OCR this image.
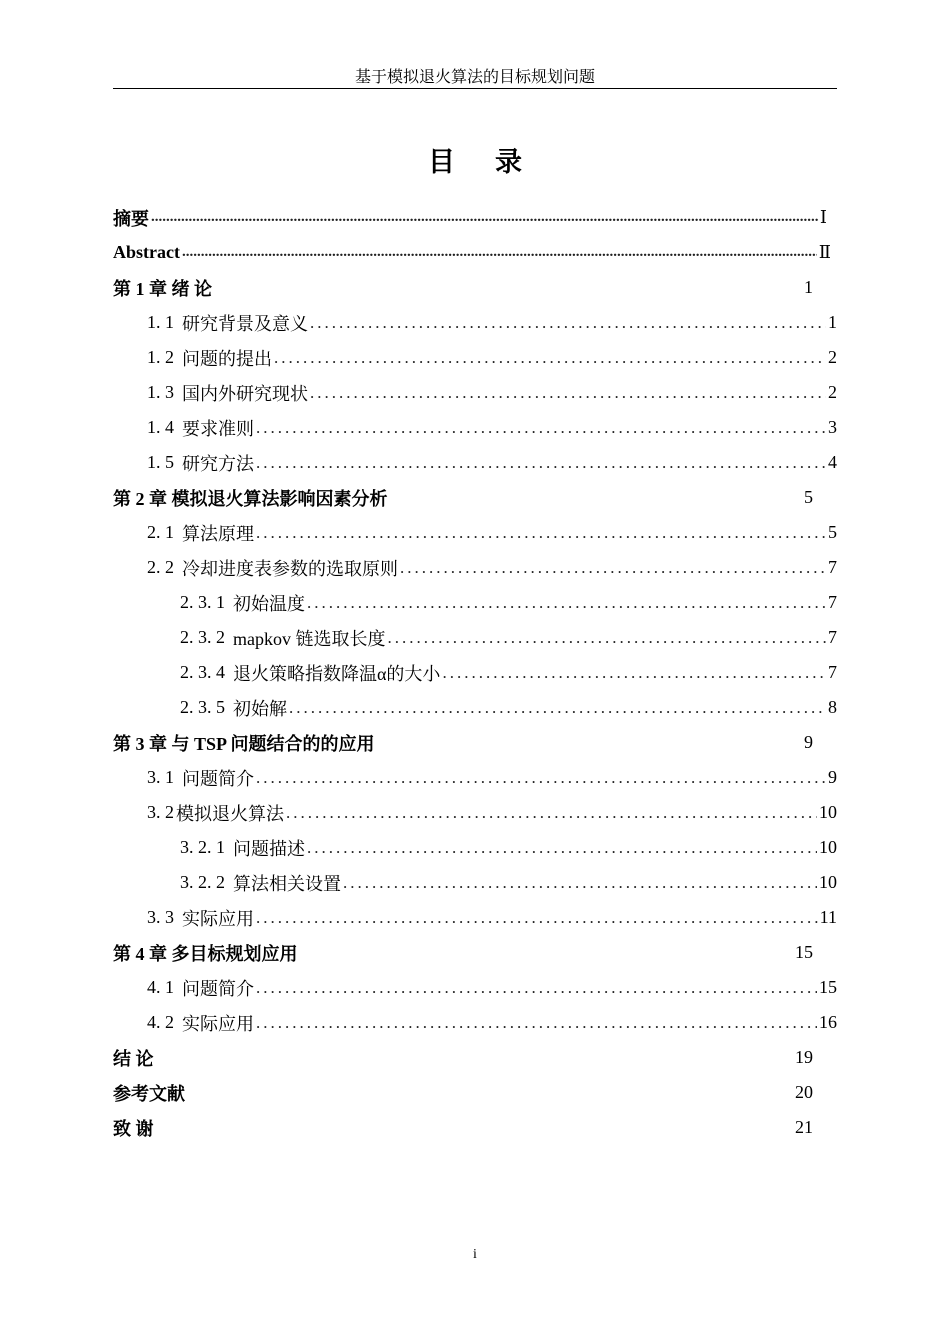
基于模拟退火算法的目标规划问题
目 录
摘要 .....	Ⅰ
Abstract .....	Ⅱ
第 1 章 绪 论	1
1. 1 研究背景及意义 .....	1
1. 2 问题的提出 .....	2
1. 3 国内外研究现状 .....	2
1. 4 要求准则 .....	3
1. 5 研究方法 .....	4
第 2 章 模拟退火算法影响因素分析	5
2. 1 算法原理 .....	5
2. 2 冷却进度表参数的选取原则 .....	7
2. 3. 1 初始温度 .....	7
2. 3. 2 mapkov 链选取长度 .....	7
2. 3. 4 退火策略指数降温α的大小 .....	7
2. 3. 5 初始解 .....	8
第 3 章 与 TSP 问题结合的的应用	9
3. 1 问题简介 .....	9
3. 2 模拟退火算法 .....	10
3. 2. 1 问题描述 .....	10
3. 2. 2 算法相关设置 .....	10
3. 3 实际应用 .....	11
第 4 章 多目标规划应用	15
4. 1 问题简介 .....	15
4. 2 实际应用 .....	16
结 论	19
参考文献	20
致 谢	21
i
